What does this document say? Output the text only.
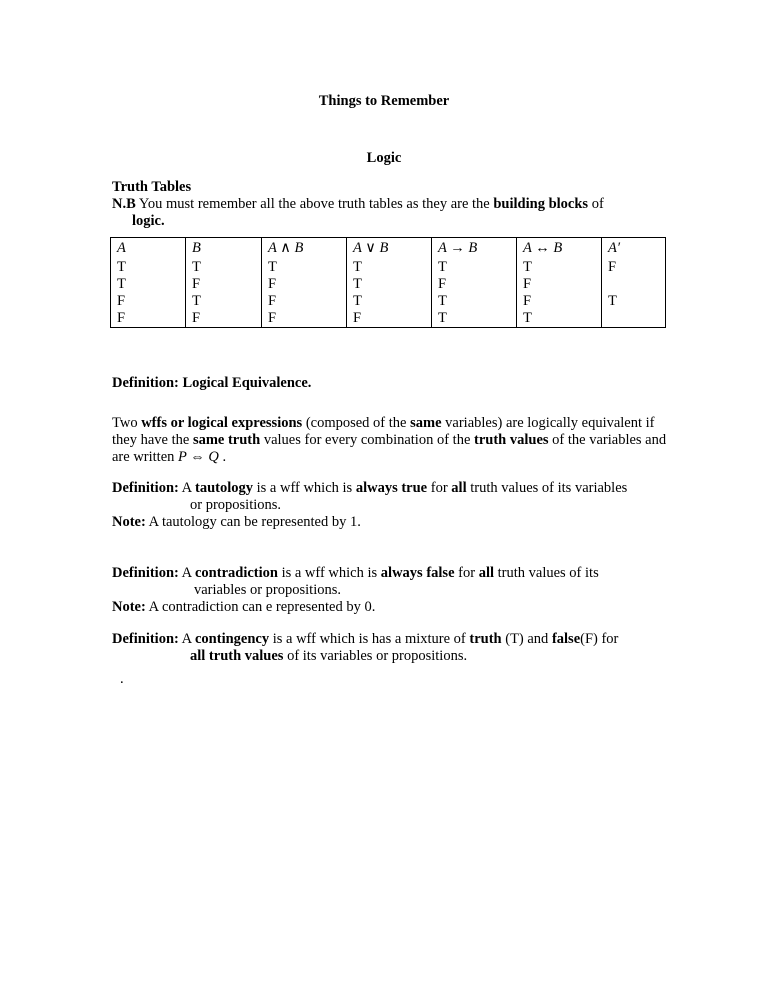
Things to Remember
Logic
Truth Tables
N.B You must remember all the above truth tables as they are the building blocks of
logic.
A	B	A ∧ B	A ∨ B	A → B	A ↔ B	A′
T	T	T	T	T	T	F
T	F	F	T	F	F	
F	T	F	T	T	F	T
F	F	F	F	T	T	
Definition: Logical Equivalence.
Two wffs or logical expressions (composed of the same variables) are logically equivalent if they have the same truth values for every combination of the truth values of the variables and are written P ⇔ Q .
Definition: A tautology is a wff which is always true for all truth values of its variables
or propositions.
Note: A tautology can be represented by 1.
Definition: A contradiction is a wff which is always false for all truth values of its
variables or propositions.
Note: A contradiction can e represented by 0.
Definition: A contingency is a wff which is has a mixture of truth (T) and false(F) for
all truth values of its variables or propositions.
.
